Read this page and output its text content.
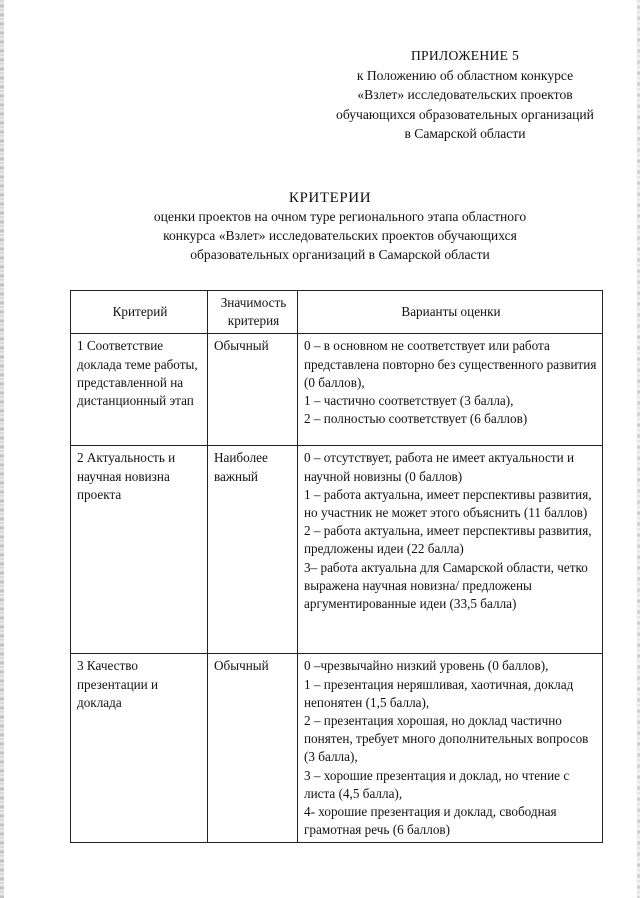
ПРИЛОЖЕНИЕ 5
к Положению об областном конкурсе
«Взлет» исследовательских проектов
обучающихся образовательных организаций
в Самарской области
КРИТЕРИИ
оценки проектов на очном туре регионального этапа областного
конкурса «Взлет» исследовательских проектов обучающихся
образовательных организаций в Самарской области
Критерий	Значимость критерия	Варианты оценки
1 Соответствие доклада теме работы, представленной на дистанционный этап	Обычный	0 – в основном не соответствует или работа представлена повторно без существенного развития (0 баллов),
1 – частично соответствует (3 балла),
2 – полностью соответствует (6 баллов)

2 Актуальность и научная новизна проекта	Наиболее важный	0 – отсутствует, работа не имеет актуальности и научной новизны (0 баллов)
1 – работа актуальна, имеет перспективы развития, но участник не может этого объяснить (11 баллов)
2 – работа актуальна, имеет перспективы развития, предложены идеи (22 балла)
3– работа актуальна для Самарской области, четко выражена научная новизна/ предложены аргументированные идеи (33,5 балла)

3 Качество презентации и доклада	Обычный	0 –чрезвычайно низкий уровень (0 баллов),
1 – презентация неряшливая, хаотичная, доклад непонятен (1,5 балла),
2 – презентация хорошая, но доклад частично понятен, требует много дополнительных вопросов (3 балла),
3 – хорошие презентация и доклад, но чтение с листа (4,5 балла),
4- хорошие презентация и доклад, свободная грамотная речь (6 баллов)
